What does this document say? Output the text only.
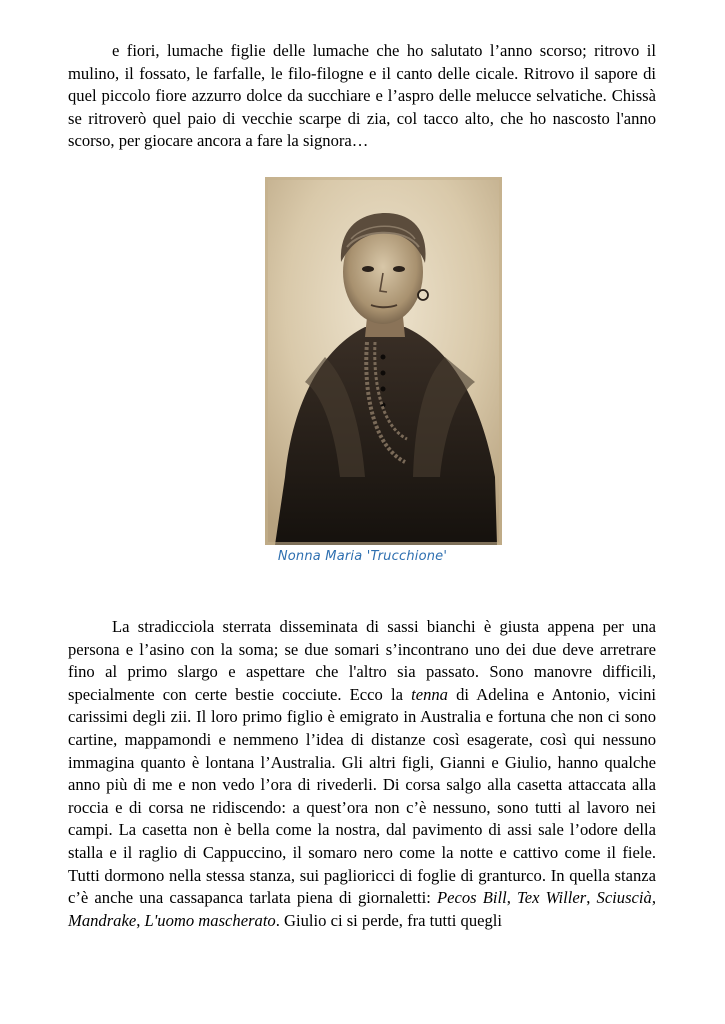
e fiori, lumache figlie delle lumache che ho salutato l’anno scorso; ritrovo il mulino, il fossato, le farfalle, le filo-filogne e il canto delle cicale. Ritrovo il sapore di quel piccolo fiore azzurro dolce da succhiare e l’aspro delle melucce selvatiche. Chissà se ritroverò quel paio di vecchie scarpe di zia, col tacco alto, che ho nascosto l'anno scorso, per giocare ancora a fare la signora…

Nonna Maria 'Trucchione'

La stradicciola sterrata disseminata di sassi bianchi è giusta appena per una persona e l’asino con la soma; se due somari s’incontrano uno dei due deve arretrare fino al primo slargo e aspettare che l'altro sia passato. Sono manovre difficili, specialmente con certe bestie cocciute. Ecco la tenna di Adelina e Antonio, vicini carissimi degli zii. Il loro primo figlio è emigrato in Australia e fortuna che non ci sono cartine, mappamondi e nemmeno l’idea di distanze così esagerate, così qui nessuno immagina quanto è lontana l’Australia. Gli altri figli, Gianni e Giulio, hanno qualche anno più di me e non vedo l’ora di rivederli. Di corsa salgo alla casetta attaccata alla roccia e di corsa ne ridiscendo: a quest’ora non c’è nessuno, sono tutti al lavoro nei campi. La casetta non è bella come la nostra, dal pavimento di assi sale l’odore della stalla e il raglio di Cappuccino, il somaro nero come la notte e cattivo come il fiele. Tutti dormono nella stessa stanza, sui paglioricci di foglie di granturco. In quella stanza c’è anche una cassapanca tarlata piena di giornaletti: Pecos Bill, Tex Willer, Sciuscià, Mandrake, L'uomo mascherato. Giulio ci si perde, fra tutti quegli
